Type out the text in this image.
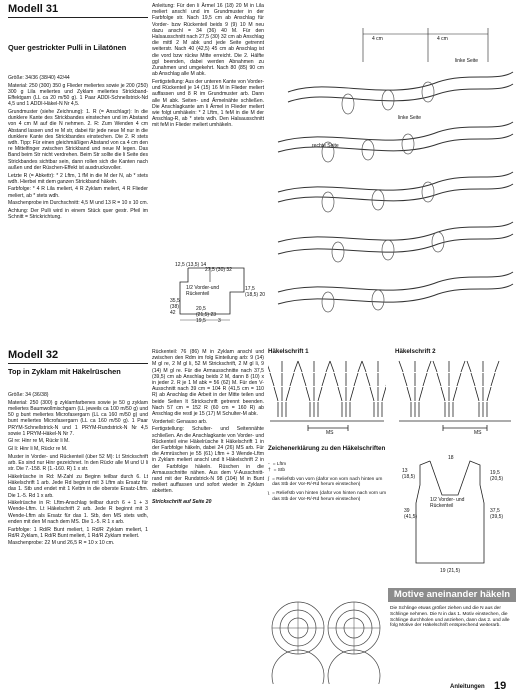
Modell 31
Quer gestrickter Pulli in Lilatönen

Größe: 34/36 (38/40) 42/44

Material: 250 (300) 350 g Flieder meliertes sowie je 200 (250) 300 g Lila meliertes und Zyklam meliertes Strickband-Effektgarn (LL ca 20 m/50 g). 1 Paar ADDI-Schnellstrick-Nd 4,5 und 1 ADDI-Häkel-N Nr 4,5.

Grundmuster (siehe Zeichnung): 1. R (= Anschlagr): In die dunklere Kante des Strickbandes einstechen und im Abstand von 4 cm M auf die N nehmen. 2. R: Zum Wenden 4 cm Abstand lassen und re M str, dabei für jede neue M nur in die dunklere Kante des Strickbandes einstechen. Die 2. R stets wdh. Tipp: Für einen gleichmäßigen Abstand von ca 4 cm den re Mittelfinger zwischen Strickband und neue M legen. Das Band beim Str nicht verdrehen. Beim Str sollte die li Seite des Strickbandes sichtbar sein, dann rollen sich die Kanten nach außen und der Rüschen-Effekt ist ausdrucksvoller.

Letzte R (= Abkettr): * 2 Lftm, 1 fM in die M der N, ab * stets wdh. Hierbei mit dem ganzen Strickband häkeln.

Farbfolge: * 4 R Lila meliert, 4 R Zyklam meliert, 4 R Flieder meliert, ab * stets wdh.

Maschenprobe im Durchschnitt: 4,5 M und 13 R = 10 x 10 cm.

Achtung: Der Pulli wird in einem Stück quer gestr. Pfeil im Schnitt = Strickrichtung.

Anleitung: Für den li Ärmel 16 (18) 20 M in Lila meliert anschl und im Grundmuster in der Farbfolge str. Nach 19,5 cm ab Anschlag für Vorder- bzw Rückenteil beids 9 (9) 10 M neu dazu anschl = 34 (36) 40 M. Für den Halsausschnitt nach 27,5 (30) 32 cm ab Anschlag die mittl 2 M abk und jede Seite getrennt weiterstr. Nach 40 (42,5) 45 cm ab Anschlag ist die vord bzw rückw Mitte erreicht. Die 2. Hälfte ggl beenden, dabei werden Abnahmen zu Zunahmen und umgekehrt. Nach 80 (85) 90 cm ab Anschlag alle M abk.

Fertigstellung: Aus der unteren Kante von Vorder- und Rückenteil je 14 (15) 16 M in Flieder meliert auffassen und 8 R im Grundmuster arb. Dann alle M abk. Seiten- und Ärmelnähte schließen. Die Anschlagkante am li Ärmel in Flieder meliert wie folgt umhäkeln: * 2 Lftm, 1 feM in die M der Anschlag-R, ab * stets wdh. Den Halsausschnitt mit feM in Flieder meliert umhäkeln.

12,5 (13,5) 14
27,5 (30) 32
1/2 Vorder-und Rückenteil
35,5 (38) 42
17,5 (18,5) 20
20,5 (21,5) 23
19,5 3
4 cm	4 cm
linke Seite
linke Seite
rechte Seite
Modell 32
Top in Zyklam mit Häkelrüschen

Größe: 34 (36/38)

Material: 250 (300) g zyklamfarbenes sowie je 50 g zyklam meliertes Baumwollmischgarn (LL jeweils ca 100 m/50 g) und 50 g bunt meliertes Microfasergarn (LL ca 160 m/50 g) und bunt meliertes Microfasergarn (LL ca 160 m/50 g). 1 Paar PRYM-Schnellstrick-N und 1 PRYM-Rundstrick-N Nr 4,5 sowie 1 PRYM-Häkel-N Nr 7.

Gl re: Hinr re M, Rückr li M.

Gl li: Hinr li M, Rückr re M.

Muster in Vorder- und Rückenteil (über 52 M): Lt Strickschrift arb. Es sind nur Hinr gezeichnet. In den Rückr alle M und U li str. Die 7.-158. R (1.-160. R) 1 x str.

Häkelrüsche in Rd: M-Zahl zu Beginn teilbar durch 6. Lt Häkelschrift 1 arb. Jede Rd beginnt mit 3 Lftm als Ersatz für das 1. Stb und endet mit 1 Kettm in die oberste Ersatz-Lftm. Die 1.-5. Rd 1 x arb.

Häkelrüsche in R: Lftm-Anschlag teilbar durch 6 + 1 + 3 Wende-Lftm. Lt Häkelschrift 2 arb. Jede R beginnt mit 3 Wende-Lftm als Ersatz für das 1. Stb, den MS stets wdh, enden mit den M nach dem MS. Die 1.-5. R 1 x arb.

Farbfolge: 1 Rd/R Bunt meliert, 1 Rd/R Zyklam meliert, 1 Rd/R Zyklam, 1 Rd/R Bunt meliert, 1 Rd/R Zyklam meliert.

Maschenprobe: 22 M und 26,5 R = 10 x 10 cm.

Rückenteil: 76 (86) M in Zyklam anschl und zwischen den Rdm im folg Einteilung arb: 9 (14) M gl re, 2 M gl li, 52 M Strickschrift, 2 M gl li, 9 (14) M gl re. Für die Armausschnitte nach 37,5 (39,5) cm ab Anschlag beids 2 M, dann 8 (10) x in jeder 2. R je 1 M abk = 56 (62) M. Für den V-Ausschnitt nach 39 cm = 104 R (41,5 cm = 110 R) ab Anschlag die Arbeit in der Mitte teilen und beide Seiten lt Strickschrift getrennt beenden. Nach 57 cm = 152 R (60 cm = 160 R) ab Anschlag die restl je 15 (17) M Schulter-M abk.

Vorderteil: Genauso arb.

Fertigstellung: Schulter- und Seitennähte schließen. An die Anschlagkante von Vorder- und Rückenteil eine Häkelrüsche lt Häkelschrift 1 in der Farbfolge häkeln, dabei 24 (26) MS arb. Für die Armrüschen je 55 (61) Lftm + 3 Wende-Lftm in Zyklam meliert anschl und lt Häkelschrift 2 in der Farbfolge häkeln. Rüschen in die Armausschnitte nähen. Aus dem V-Ausschnitt-rand mit der Rundstrick-N 98 (104) M in Bunt meliert auffassen und sofort wieder in Zyklam abketten.

Strickschrift auf Seite 20

Häkelschrift 1
MS
Häkelschrift 2
MS
Zeichenerklärung zu den Häkelschriften
◦ = Lftm
† = Stb
ʃ = Reliefstb von vorn (dafür von vorn nach hinten um das Stb der Vor-R/-Rd herum einstechen)
ʅ = Reliefstb von hinten (dafür von hinten nach vorn um das Stb der Vor-R/-Rd herum einstechen)
18
13 (18,5)
19,5 (20,5)
39 (41,5)
1/2 Vorder- und Rückenteil
37,5 (39,5)
19 (21,5)
Motive aneinander häkeln
Die Schlinge etwas größer ziehen und die N aus der Schlinge nehmen. Die N in das 1. Motiv einstechen, die Schlinge durchholen und anziehen, dann das 2. und alle folg Motive der Häkelschrift entsprechend weiterarb.
Anleitungen 19
